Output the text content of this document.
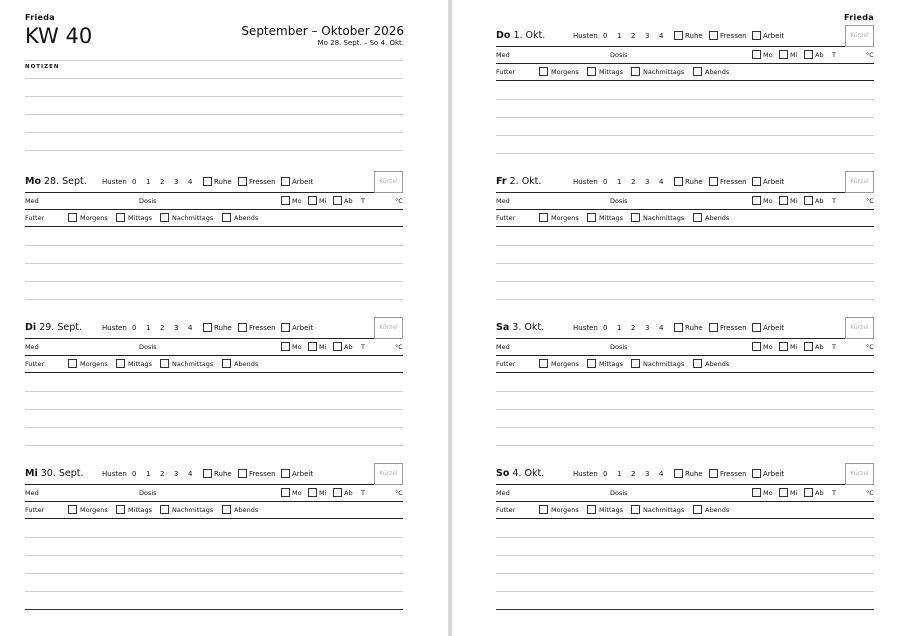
Frieda
KW 40	September – Oktober 2026
Mo 28. Sept. – So 4. Okt.
NOTIZEN
Mo 28. Sept. Husten 0 1 2 3 4	Ruhe Fressen Arbeit	Kürzel
Med	Dosis	Mo	Mi	Ab T	°C
Futter	Morgens	Mittags	Nachmittags	Abends
Di 29. Sept.	Husten 0 1 2 3 4	Ruhe Fressen Arbeit	Kürzel
Med	Dosis	Mo	Mi	Ab T	°C
Futter	Morgens	Mittags	Nachmittags	Abends
Mi 30. Sept.	Husten 0 1 2 3 4	Ruhe Fressen Arbeit	Kürzel
Med	Dosis	Mo	Mi	Ab T	°C
Futter	Morgens	Mittags	Nachmittags	Abends
Frieda
Do 1. Okt.	Husten 0 1 2 3 4	Ruhe Fressen Arbeit	Kürzel
Med	Dosis	Mo	Mi	Ab T	°C
Futter	Morgens	Mittags	Nachmittags	Abends
Fr 2. Okt.	Husten 0 1 2 3 4	Ruhe Fressen Arbeit	Kürzel
Med	Dosis	Mo	Mi	Ab T	°C
Futter	Morgens	Mittags	Nachmittags	Abends
Sa 3. Okt.	Husten 0 1 2 3 4	Ruhe Fressen Arbeit	Kürzel
Med	Dosis	Mo	Mi	Ab T	°C
Futter	Morgens	Mittags	Nachmittags	Abends
So 4. Okt.	Husten 0 1 2 3 4	Ruhe Fressen Arbeit	Kürzel
Med	Dosis	Mo	Mi	Ab T	°C
Futter	Morgens	Mittags	Nachmittags	Abends
